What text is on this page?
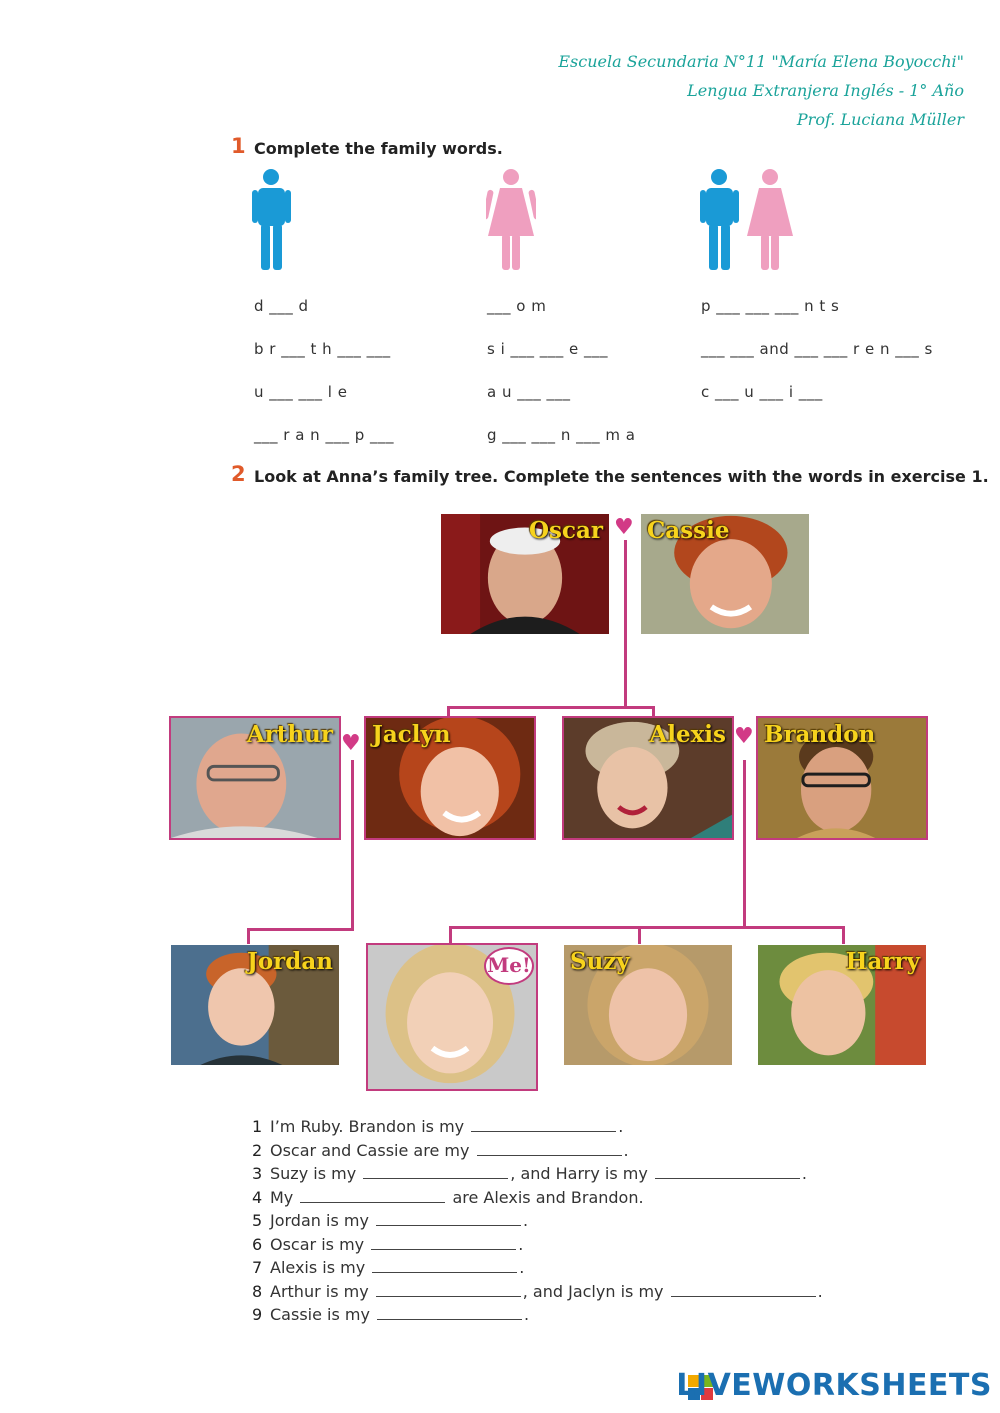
Escuela Secundaria N°11 "María Elena Boyocchi"
Lengua Extranjera Inglés - 1° Año
Prof. Luciana Müller
1 Complete the family words.
d ___ d
b r ___ t h ___ ___
u ___ ___ l e
___ r a n ___ p ___
___ o m
s i ___ ___ e ___
a u ___ ___
g ___ ___ n ___ m a
p ___ ___ ___ n t s
___ ___ and ___ ___ r e n ___ s
c ___ u ___ i ___
2 Look at Anna’s family tree. Complete the sentences with the words in exercise 1.
♥
♥	♥
Oscar Cassie
Arthur Jaclyn	Alexis Brandon
Jordan	Me! Suzy	Harry
1 I’m Ruby. Brandon is my	.
2 Oscar and Cassie are my	.
3 Suzy is my	, and Harry is my	.
4 My	are Alexis and Brandon.
5 Jordan is my	.
6 Oscar is my	.
7 Alexis is my	.
8 Arthur is my	, and Jaclyn is my	.
9 Cassie is my	.
LIVEWORKSHEETS
